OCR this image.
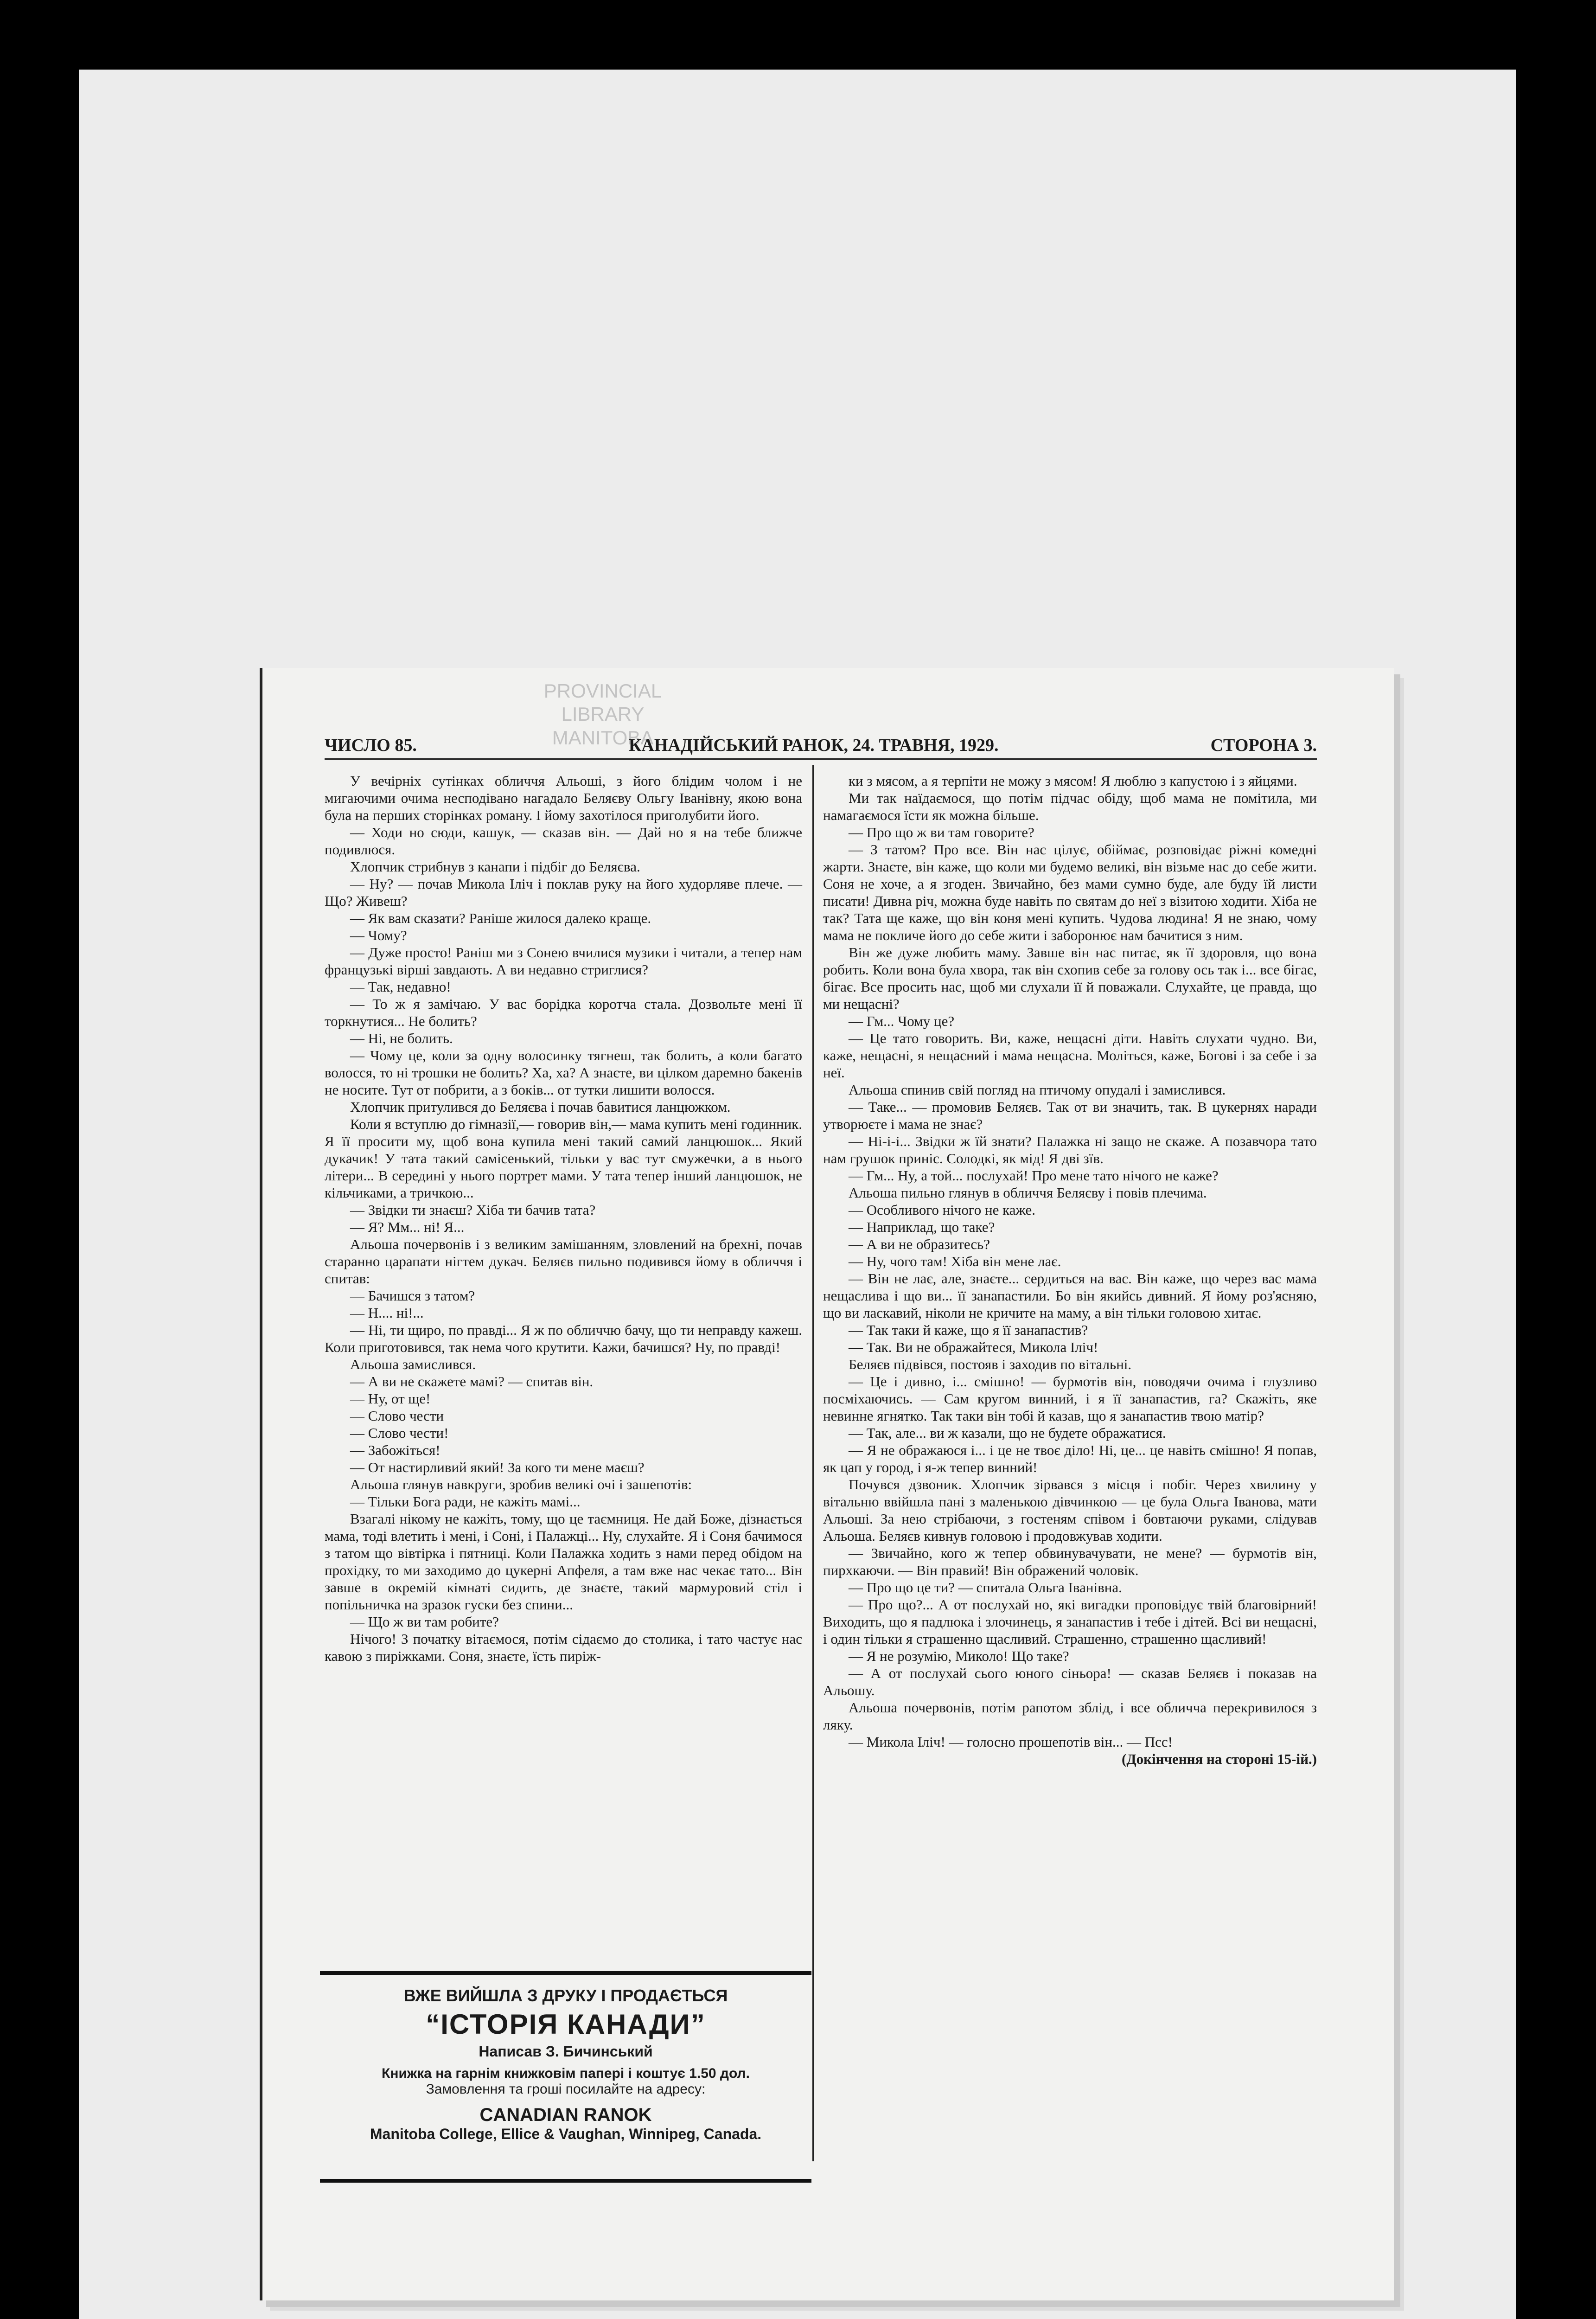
PROVINCIAL
LIBRARY
MANITOBA
ЧИСЛО 85.	КАНАДІЙСЬКИЙ РАНОК, 24. ТРАВНЯ, 1929.	СТОРОНА 3.

У вечірніх сутінках обличчя Альоші, з його блідим чолом і не мигаючими очима несподівано нагадало Беляєву Ольгу Іванівну, якою вона була на перших сторінках роману. І йому захотілося приголубити його.

— Ходи но сюди, кашук, — сказав він. — Дай но я на тебе ближче подивлюся.

Хлопчик стрибнув з канапи і підбіг до Беляєва.

— Ну? — почав Микола Іліч і поклав руку на його худорляве плече. — Що? Живеш?

— Як вам сказати? Раніше жилося далеко краще.

— Чому?

— Дуже просто! Раніш ми з Сонею вчилися музики і читали, а тепер нам французькі вірші завдають. А ви недавно стриглися?

— Так, недавно!

— То ж я замічаю. У вас борідка коротча стала. Дозвольте мені її торкнутися... Не болить?

— Ні, не болить.

— Чому це, коли за одну волосинку тягнеш, так болить, а коли багато волосся, то ні трошки не болить? Ха, ха? А знаєте, ви цілком даремно бакенів не носите. Тут от побрити, а з боків... от тутки лишити волосся.

Хлопчик притулився до Беляєва і почав бавитися ланцюжком.

Коли я вступлю до гімназії,— говорив він,— мама купить мені годинник. Я її просити му, щоб вона купила мені такий самий ланцюшок... Який дукачик! У тата такий самісенький, тільки у вас тут смужечки, а в нього літери... В середині у нього портрет мами. У тата тепер інший ланцюшок, не кільчиками, а тричкою...

— Звідки ти знаєш? Хіба ти бачив тата?

— Я? Мм... ні! Я...

Альоша почервонів і з великим замішанням, зловлений на брехні, почав старанно царапати нігтем дукач. Беляєв пильно подивився йому в обличчя і спитав:

— Бачишся з татом?

— Н.... ні!...

— Ні, ти щиро, по правді... Я ж по обличчю бачу, що ти неправду кажеш. Коли приготовився, так нема чого крутити. Кажи, бачишся? Ну, по правді!

Альоша замислився.

— А ви не скажете мамі? — спитав він.

— Ну, от ще!

— Слово чести

— Слово чести!

— Забожіться!

— От настирливий який! За кого ти мене маєш?

Альоша глянув навкруги, зробив великі очі і зашепотів:

— Тільки Бога ради, не кажіть мамі...

Взагалі нікому не кажіть, тому, що це таємниця. Не дай Боже, дізнається мама, тоді влетить і мені, і Соні, і Палажці... Ну, слухайте. Я і Соня бачимося з татом що вівтірка і пятниці. Коли Палажка ходить з нами перед обідом на прохідку, то ми заходимо до цукерні Апфеля, а там вже нас чекає тато... Він завше в окремій кімнаті сидить, де знаєте, такий мармуровий стіл і попільничка на зразок гуски без спини...

— Що ж ви там робите?

Нічого! З початку вітаємося, потім сідаємо до столика, і тато частує нас кавою з пиріжками. Соня, знаєте, їсть пиріж-

ВЖЕ ВИЙШЛА З ДРУКУ І ПРОДАЄТЬСЯ
“ІСТОРІЯ КАНАДИ”
Написав З. Бичинський
Книжка на гарнім книжковім папері і коштує 1.50 дол.
Замовлення та гроші посилайте на адресу:
CANADIAN RANOK
Manitoba College, Ellice & Vaughan, Winnipeg, Canada.

ки з мясом, а я терпіти не можу з мясом! Я люблю з капустою і з яйцями.

Ми так наїдаємося, що потім підчас обіду, щоб мама не помітила, ми намагаємося їсти як можна більше.

— Про що ж ви там говорите?

— З татом? Про все. Він нас цілує, обіймає, розповідає ріжні комедні жарти. Знаєте, він каже, що коли ми будемо великі, він візьме нас до себе жити. Соня не хоче, а я згоден. Звичайно, без мами сумно буде, але буду їй листи писати! Дивна річ, можна буде навіть по святам до неї з візитою ходити. Хіба не так? Тата ще каже, що він коня мені купить. Чудова людина! Я не знаю, чому мама не покличе його до себе жити і заборонює нам бачитися з ним.

Він же дуже любить маму. Завше він нас питає, як її здоровля, що вона робить. Коли вона була хвора, так він схопив себе за голову ось так і... все бігає, бігає. Все просить нас, щоб ми слухали її й поважали. Слухайте, це правда, що ми нещасні?

— Гм... Чому це?

— Це тато говорить. Ви, каже, нещасні діти. Навіть слухати чудно. Ви, каже, нещасні, я нещасний і мама нещасна. Моліться, каже, Богові і за себе і за неї.

Альоша спинив свій погляд на птичому опудалі і замислився.

— Таке... — промовив Беляєв. Так от ви значить, так. В цукернях наради утворюєте і мама не знає?

— Ні-і-і... Звідки ж їй знати? Палажка ні защо не скаже. А позавчора тато нам грушок приніс. Солодкі, як мід! Я дві зїв.

— Гм... Ну, а той... послухай! Про мене тато нічого не каже?

Альоша пильно глянув в обличчя Беляєву і повів плечима.

— Особливого нічого не каже.

— Наприклад, що таке?

— А ви не образитесь?

— Ну, чого там! Хіба він мене лає.

— Він не лає, але, знаєте... сердиться на вас. Він каже, що через вас мама нещаслива і що ви... її занапастили. Бо він якийсь дивний. Я йому роз'ясняю, що ви ласкавий, ніколи не кричите на маму, а він тільки головою хитає.

— Так таки й каже, що я її занапастив?

— Так. Ви не ображайтеся, Микола Іліч!

Беляєв підвівся, постояв і заходив по вітальні.

— Це і дивно, і... смішно! — бурмотів він, поводячи очима і глузливо посміхаючись. — Сам кругом винний, і я її занапастив, га? Скажіть, яке невинне ягнятко. Так таки він тобі й казав, що я занапастив твою матір?

— Так, але... ви ж казали, що не будете ображатися.

— Я не ображаюся і... і це не твоє діло! Ні, це... це навіть смішно! Я попав, як цап у город, і я-ж тепер винний!

Почувся дзвоник. Хлопчик зірвався з місця і побіг. Через хвилину у вітальню ввійшла пані з маленькою дівчинкою — це була Ольга Іванова, мати Альоші. За нею стрібаючи, з гостеням співом і бовтаючи руками, слідував Альоша. Беляєв кивнув головою і продовжував ходити.

— Звичайно, кого ж тепер обвинувачувати, не мене? — бурмотів він, пирхкаючи. — Він правий! Він ображений чоловік.

— Про що це ти? — спитала Ольга Іванівна.

— Про що?... А от послухай но, які вигадки проповідує твій благовірний! Виходить, що я падлюка і злочинець, я занапастив і тебе і дітей. Всі ви нещасні, і один тільки я страшенно щасливий. Страшенно, страшенно щасливий!

— Я не розумію, Миколо! Що таке?

— А от послухай сього юного сіньора! — сказав Беляєв і показав на Альошу.

Альоша почервонів, потім рапотом зблід, і все обличча перекривилося з ляку.

— Микола Іліч! — голосно прошепотів він... — Псс!

(Докінчення на стороні 15-ій.)
